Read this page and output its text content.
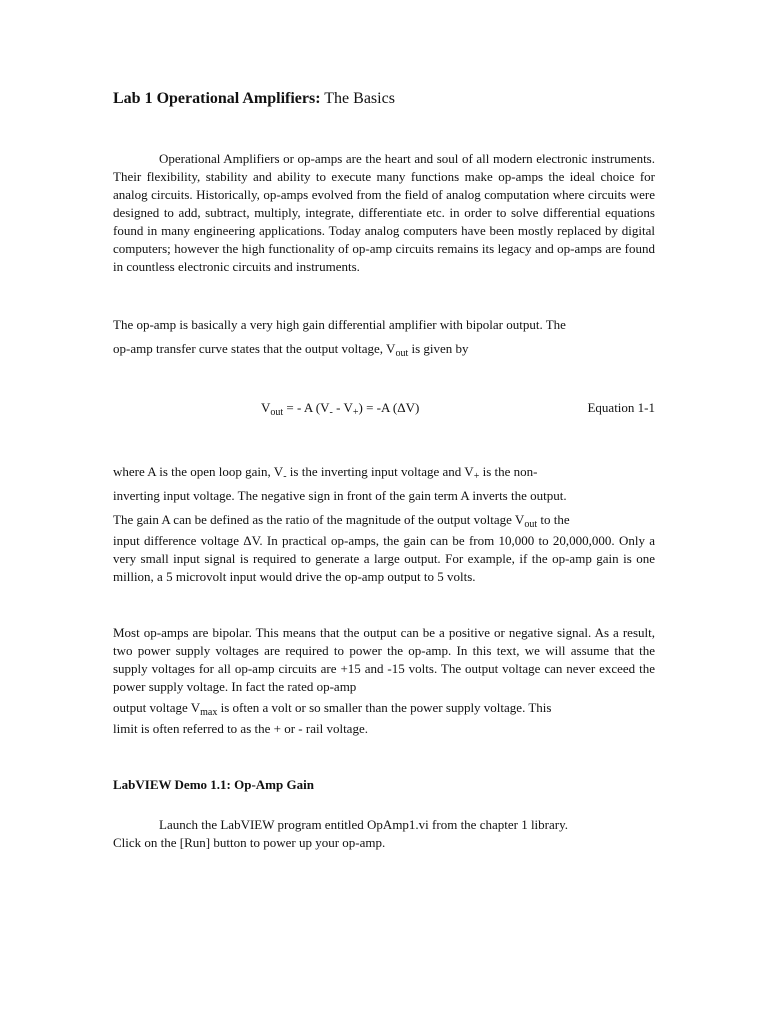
Lab 1 Operational Amplifiers: The Basics
Operational Amplifiers or op-amps are the heart and soul of all modern electronic instruments. Their flexibility, stability and ability to execute many functions make op-amps the ideal choice for analog circuits. Historically, op-amps evolved from the field of analog computation where circuits were designed to add, subtract, multiply, integrate, differentiate etc. in order to solve differential equations found in many engineering applications. Today analog computers have been mostly replaced by digital computers; however the high functionality of op-amp circuits remains its legacy and op-amps are found in countless electronic circuits and instruments.
The op-amp is basically a very high gain differential amplifier with bipolar output. The
op-amp transfer curve states that the output voltage, $V_{out}$ is given by
$V_{out}$ = - A $(V_- - V_+) = -A$ (ΔV)	Equation 1-1
where A is the open loop gain, $V_-$ is the inverting input voltage and $V_+$ is the non-
inverting input voltage. The negative sign in front of the gain term A inverts the output.
The gain A can be defined as the ratio of the magnitude of the output voltage $V_{out}$ to the
input difference voltage ΔV. In practical op-amps, the gain can be from 10,000 to 20,000,000. Only a very small input signal is required to generate a large output. For example, if the op-amp gain is one million, a 5 microvolt input would drive the op-amp output to 5 volts.
Most op-amps are bipolar. This means that the output can be a positive or negative signal. As a result, two power supply voltages are required to power the op-amp. In this text, we will assume that the supply voltages for all op-amp circuits are +15 and -15 volts. The output voltage can never exceed the power supply voltage. In fact the rated op-amp
output voltage $V_{max}$ is often a volt or so smaller than the power supply voltage. This
limit is often referred to as the + or - rail voltage.
LabVIEW Demo 1.1: Op-Amp Gain
Launch the LabVIEW program entitled OpAmp1.vi from the chapter 1 library.
Click on the [Run] button to power up your op-amp.
